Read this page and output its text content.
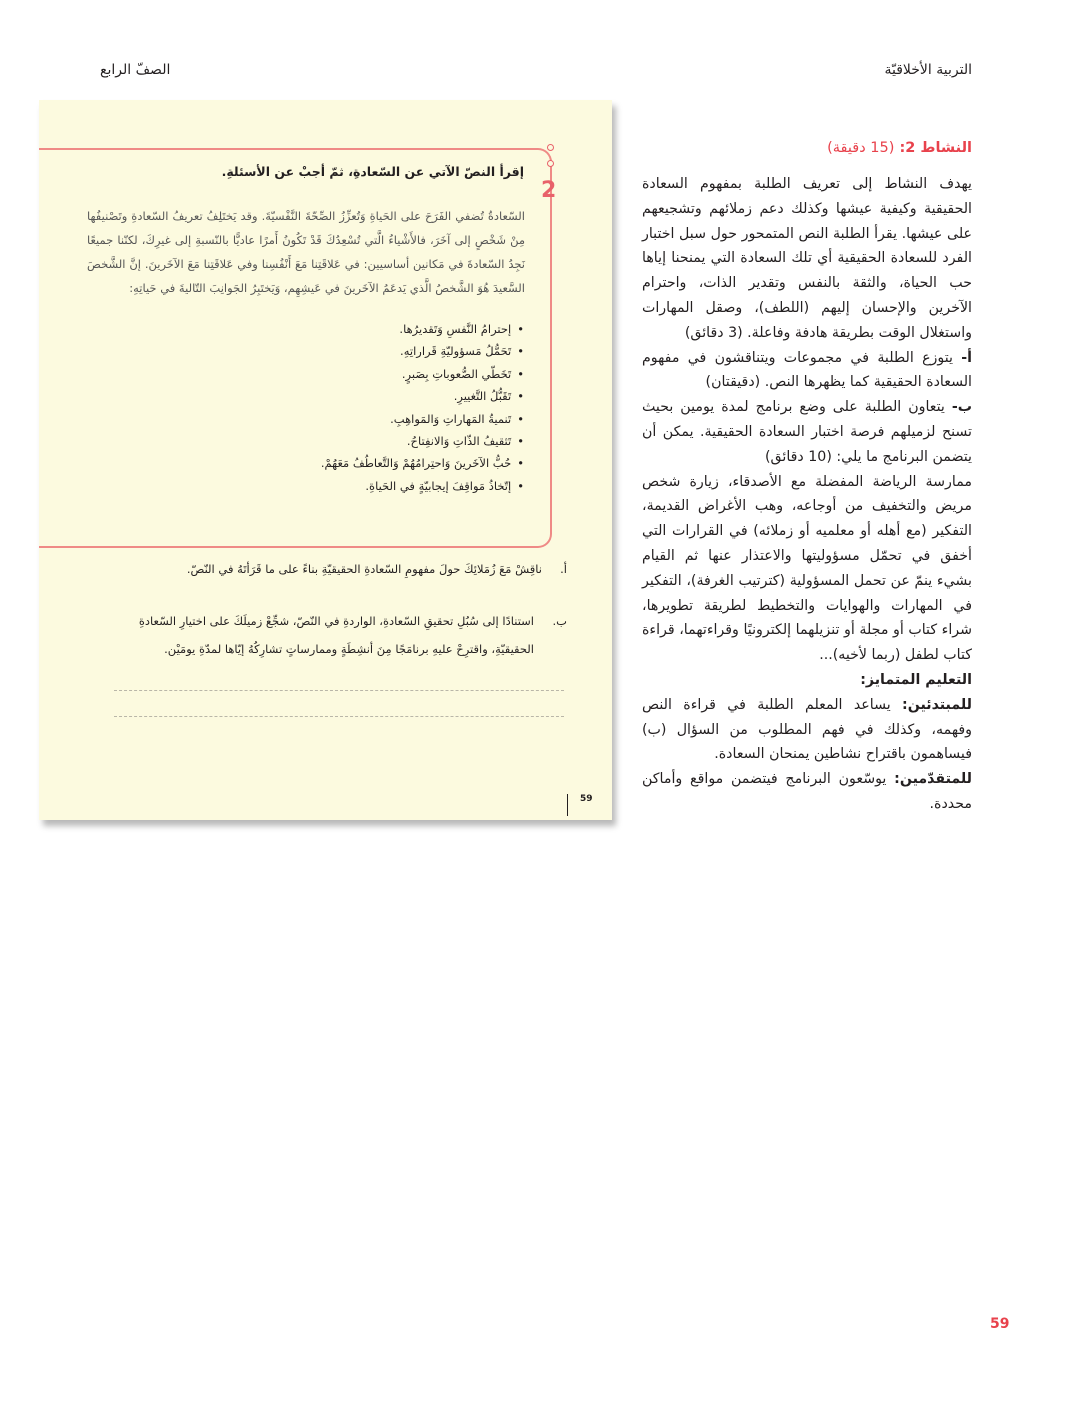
التربية الأخلاقيّة
الصفّ الرابع
2
إقرأ النصّ الآتي عن السّعادةِ، ثمّ أجبْ عن الأسئلةِ.
السّعادةُ تُضفي الفَرَحَ على الحَياةِ وَتُعزِّزُ الصِّحّةَ النَّفْسيّةَ. وقد يَختَلِفُ تعريفُ السّعادةِ وتَصْنيفُها مِنْ شَخْصٍ إلى آخَرَ، فالأَشْياءُ الَّتي تُسْعِدُكَ قَدْ تَكُونُ أَمرًا عاديًّا بالنّسبةِ إلى غيرِكَ، لكنّنا جميعًا نَجِدُ السّعادةَ في مَكانين أساسيين: في عَلاقَتِنا مَعَ أَنْفُسِنا وفي عَلاقَتِنا مَعَ الآخَرينَ. إنَّ الشَّخصَ السَّعيدَ هُوَ الشَّخصُ الَّذي يَدعَمُ الآخَرينَ في عَيشِهِم، وَيَختَبِرُ الجَوانِبَ التّاليةَ في حَياتِهِ:
• إحترامُ النَّفسِ وَتَقديرُها.
• تَحَمُّلُ مَسؤوليّةِ قَراراتِهِ.
• تَخَطّي الصُّعوباتِ بِصَبرٍ.
• تَقَبُّلُ التَّغييرِ.
• تَنميةُ المَهاراتِ وَالمَواهِبِ.
• تَثقيفُ الذّاتِ وَالانفِتاحُ.
• حُبُّ الآخَرينَ وَاحتِرامُهُمْ وَالتَّعاطُفُ مَعَهُمْ.
• إتّخاذُ مَواقِفَ إيجابيّةٍ في الحَياةِ.
أ.
ناقِشْ مَعَ زُمَلائِكَ حولَ مفهومِ السّعادةِ الحقيقيّةِ بناءً على ما قَرَأتَهُ في النّصّ.
ب.
استنادًا إلى سُبُلِ تحقيقِ السّعادةِ، الواردةِ في النّصّ، شجِّعْ زميلَكَ على اختيارِ السّعادةِ
الحقيقيّةِ، واقترِحْ عليهِ برنامَجًا مِنَ أنشِطَةٍ وممارساتٍ تشارِكُهُ إيّاها لمدّةِ يومَيْن.
59
النشاط 2: (15 دقيقة)

يهدف النشاط إلى تعريف الطلبة بمفهوم السعادة الحقيقية وكيفية عيشها وكذلك دعم زملائهم وتشجيعهم على عيشها. يقرأ الطلبة النص المتمحور حول سبل اختبار الفرد للسعادة الحقيقية أي تلك السعادة التي يمنحنا إياها حب الحياة، والثقة بالنفس وتقدير الذات، واحترام الآخرين والإحسان إليهم (اللطف)، وصقل المهارات واستغلال الوقت بطريقة هادفة وفاعلة. (3 دقائق)

أ- يتوزع الطلبة في مجموعات ويتناقشون في مفهوم السعادة الحقيقية كما يظهرها النص. (دقيقتان)

ب- يتعاون الطلبة على وضع برنامج لمدة يومين بحيث تسنح لزميلهم فرصة اختبار السعادة الحقيقية. يمكن أن يتضمن البرنامج ما يلي: (10 دقائق)

ممارسة الرياضة المفضلة مع الأصدقاء، زيارة شخص مريض والتخفيف من أوجاعه، وهب الأغراض القديمة، التفكير (مع أهله أو معلميه أو زملائه) في القرارات التي أخفق في تحمّل مسؤوليتها والاعتذار عنها ثم القيام بشيء ينمّ عن تحمل المسؤولية (كترتيب الغرفة)، التفكير في المهارات والهوايات والتخطيط لطريقة تطويرها، شراء كتاب أو مجلة أو تنزيلهما إلكترونيًا وقراءتهما، قراءة كتاب لطفل (ربما لأخيه)...

التعليم المتمايز:

للمبتدئين: يساعد المعلم الطلبة في قراءة النص وفهمه، وكذلك في فهم المطلوب من السؤال (ب) فيساهمون باقتراح نشاطين يمنحان السعادة.

للمتقدّمين: يوسّعون البرنامج فيتضمن مواقع وأماكن محددة.

59
